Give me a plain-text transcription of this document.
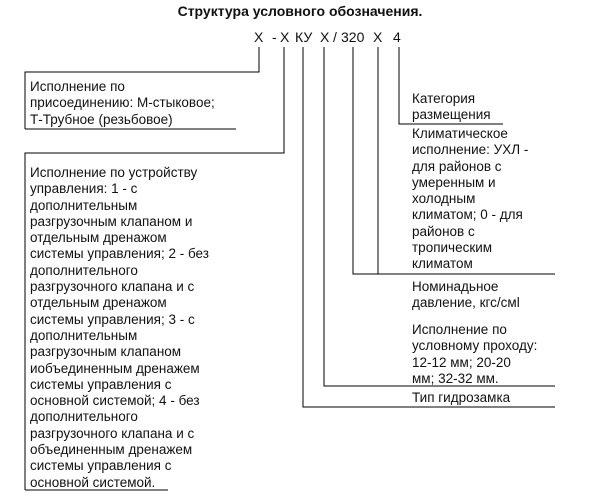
Структура условного обозначения.
Х - Х КУ Х / 320 Х 4
Исполнение по
присоединению: М-стыковое;
Т-Трубное (резьбовое)
Исполнение по устройству
управления: 1 - с
дополнительным
разгрузочным клапаном и
отдельным дренажом
системы управления; 2 - без
дополнительного
разгрузочного клапана и с
отдельным дренажом
системы управления; 3 - с
дополнительным
разгрузочным клапаном
иобъединенным дренажем
системы управления с
основной системой; 4 - без
дополнительного
разгрузочного клапана и с
объединенным дренажем
системы управления с
основной системой.
Категория
размещения
Климатическое
исполнение: УХЛ -
для районов с
умеренным и
холодным
климатом; 0 - для
районов с
тропическим
климатом
Номинадьное
давление, кгс/смl
Исполнение по
условному проходу:
12-12 мм; 20-20
мм; 32-32 мм.
Тип гидрозамка
